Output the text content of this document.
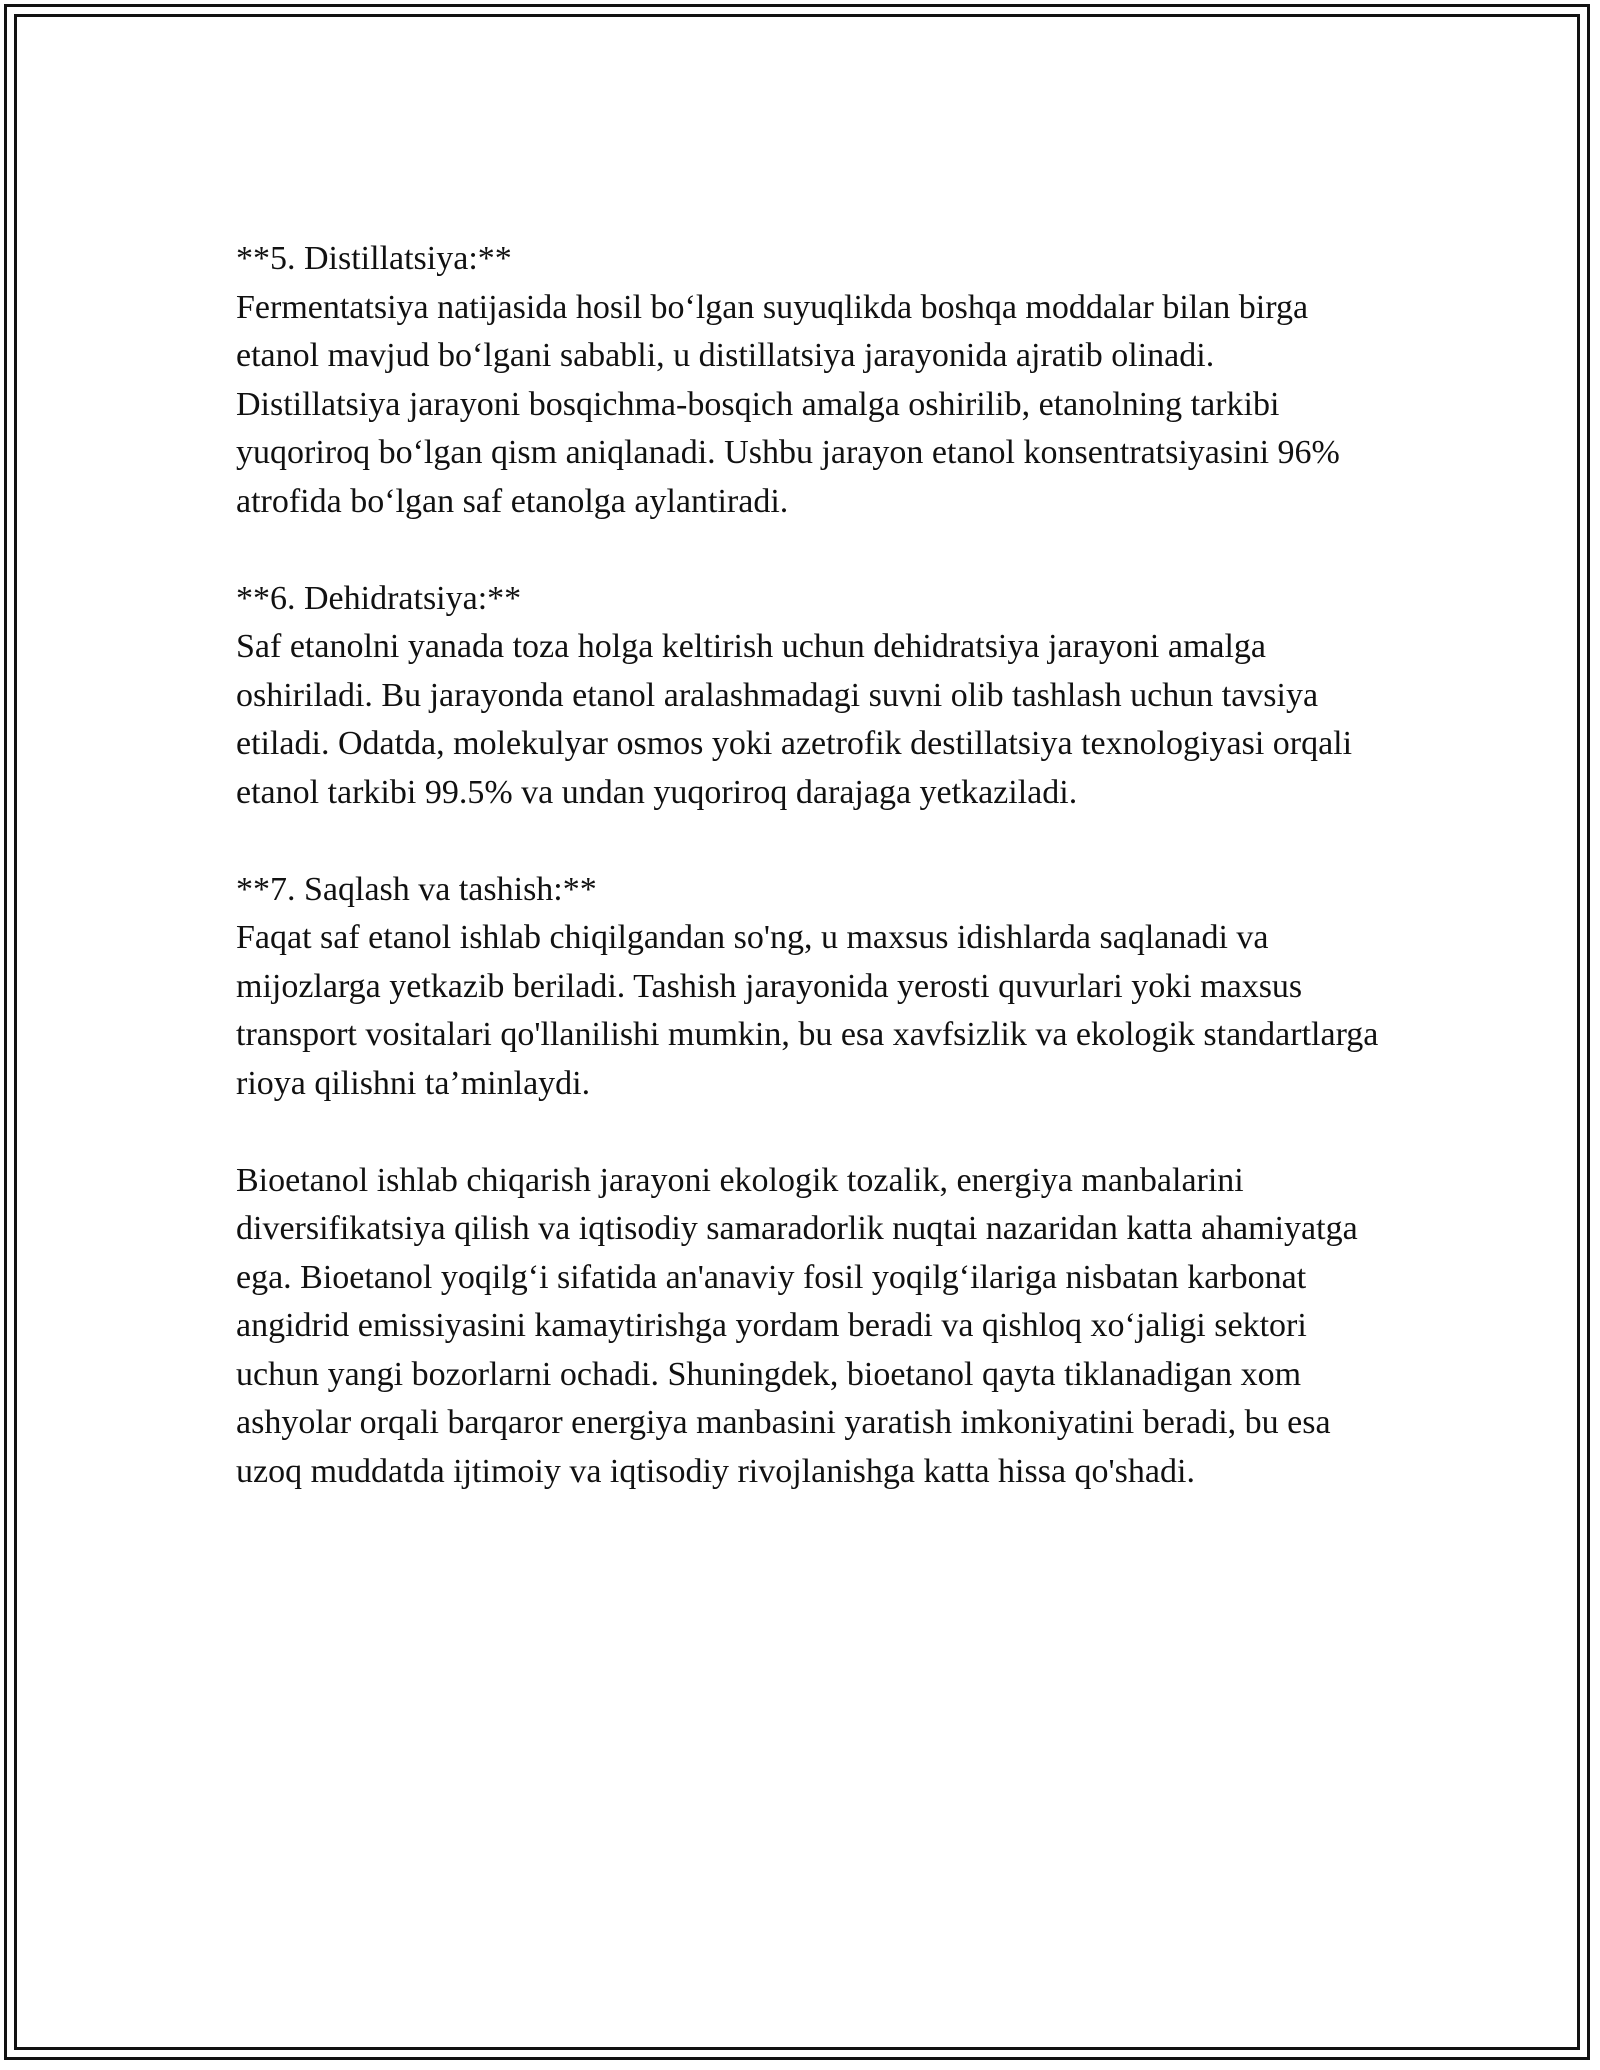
**5. Distillatsiya:**

Fermentatsiya natijasida hosil bo‘lgan suyuqlikda boshqa moddalar bilan birga etanol mavjud bo‘lgani sababli, u distillatsiya jarayonida ajratib olinadi. Distillatsiya jarayoni bosqichma-bosqich amalga oshirilib, etanolning tarkibi yuqoriroq bo‘lgan qism aniqlanadi. Ushbu jarayon etanol konsentratsiyasini 96% atrofida bo‘lgan saf etanolga aylantiradi.

**6. Dehidratsiya:**

Saf etanolni yanada toza holga keltirish uchun dehidratsiya jarayoni amalga oshiriladi. Bu jarayonda etanol aralashmadagi suvni olib tashlash uchun tavsiya etiladi. Odatda, molekulyar osmos yoki azetrofik destillatsiya texnologiyasi orqali etanol tarkibi 99.5% va undan yuqoriroq darajaga yetkaziladi.

**7. Saqlash va tashish:**

Faqat saf etanol ishlab chiqilgandan so'ng, u maxsus idishlarda saqlanadi va mijozlarga yetkazib beriladi. Tashish jarayonida yerosti quvurlari yoki maxsus transport vositalari qo'llanilishi mumkin, bu esa xavfsizlik va ekologik standartlarga rioya qilishni ta’minlaydi.

Bioetanol ishlab chiqarish jarayoni ekologik tozalik, energiya manbalarini diversifikatsiya qilish va iqtisodiy samaradorlik nuqtai nazaridan katta ahamiyatga ega. Bioetanol yoqilg‘i sifatida an'anaviy fosil yoqilg‘ilariga nisbatan karbonat angidrid emissiyasini kamaytirishga yordam beradi va qishloq xo‘jaligi sektori uchun yangi bozorlarni ochadi. Shuningdek, bioetanol qayta tiklanadigan xom ashyolar orqali barqaror energiya manbasini yaratish imkoniyatini beradi, bu esa uzoq muddatda ijtimoiy va iqtisodiy rivojlanishga katta hissa qo'shadi.
